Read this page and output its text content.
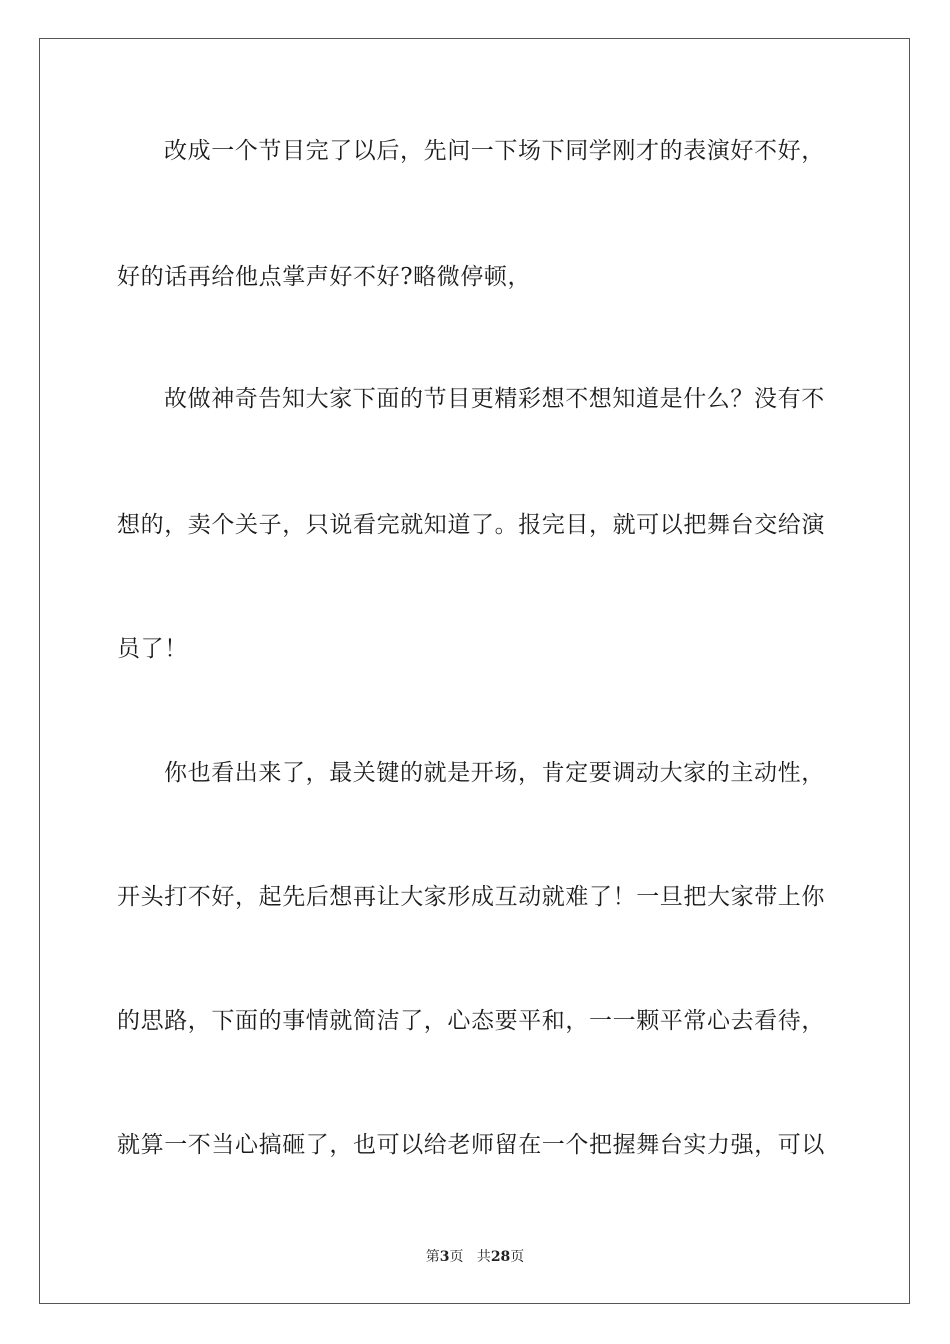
改成一个节目完了以后，先问一下场下同学刚才的表演好不好，
好的话再给他点掌声好不好?略微停顿，
故做神奇告知大家下面的节目更精彩想不想知道是什么？没有不
想的，卖个关子，只说看完就知道了。报完目，就可以把舞台交给演
员了！
你也看出来了，最关键的就是开场，肯定要调动大家的主动性，
开头打不好，起先后想再让大家形成互动就难了！一旦把大家带上你
的思路，下面的事情就简洁了，心态要平和，一一颗平常心去看待，
就算一不当心搞砸了，也可以给老师留在一个把握舞台实力强，可以
第3页 共28页
